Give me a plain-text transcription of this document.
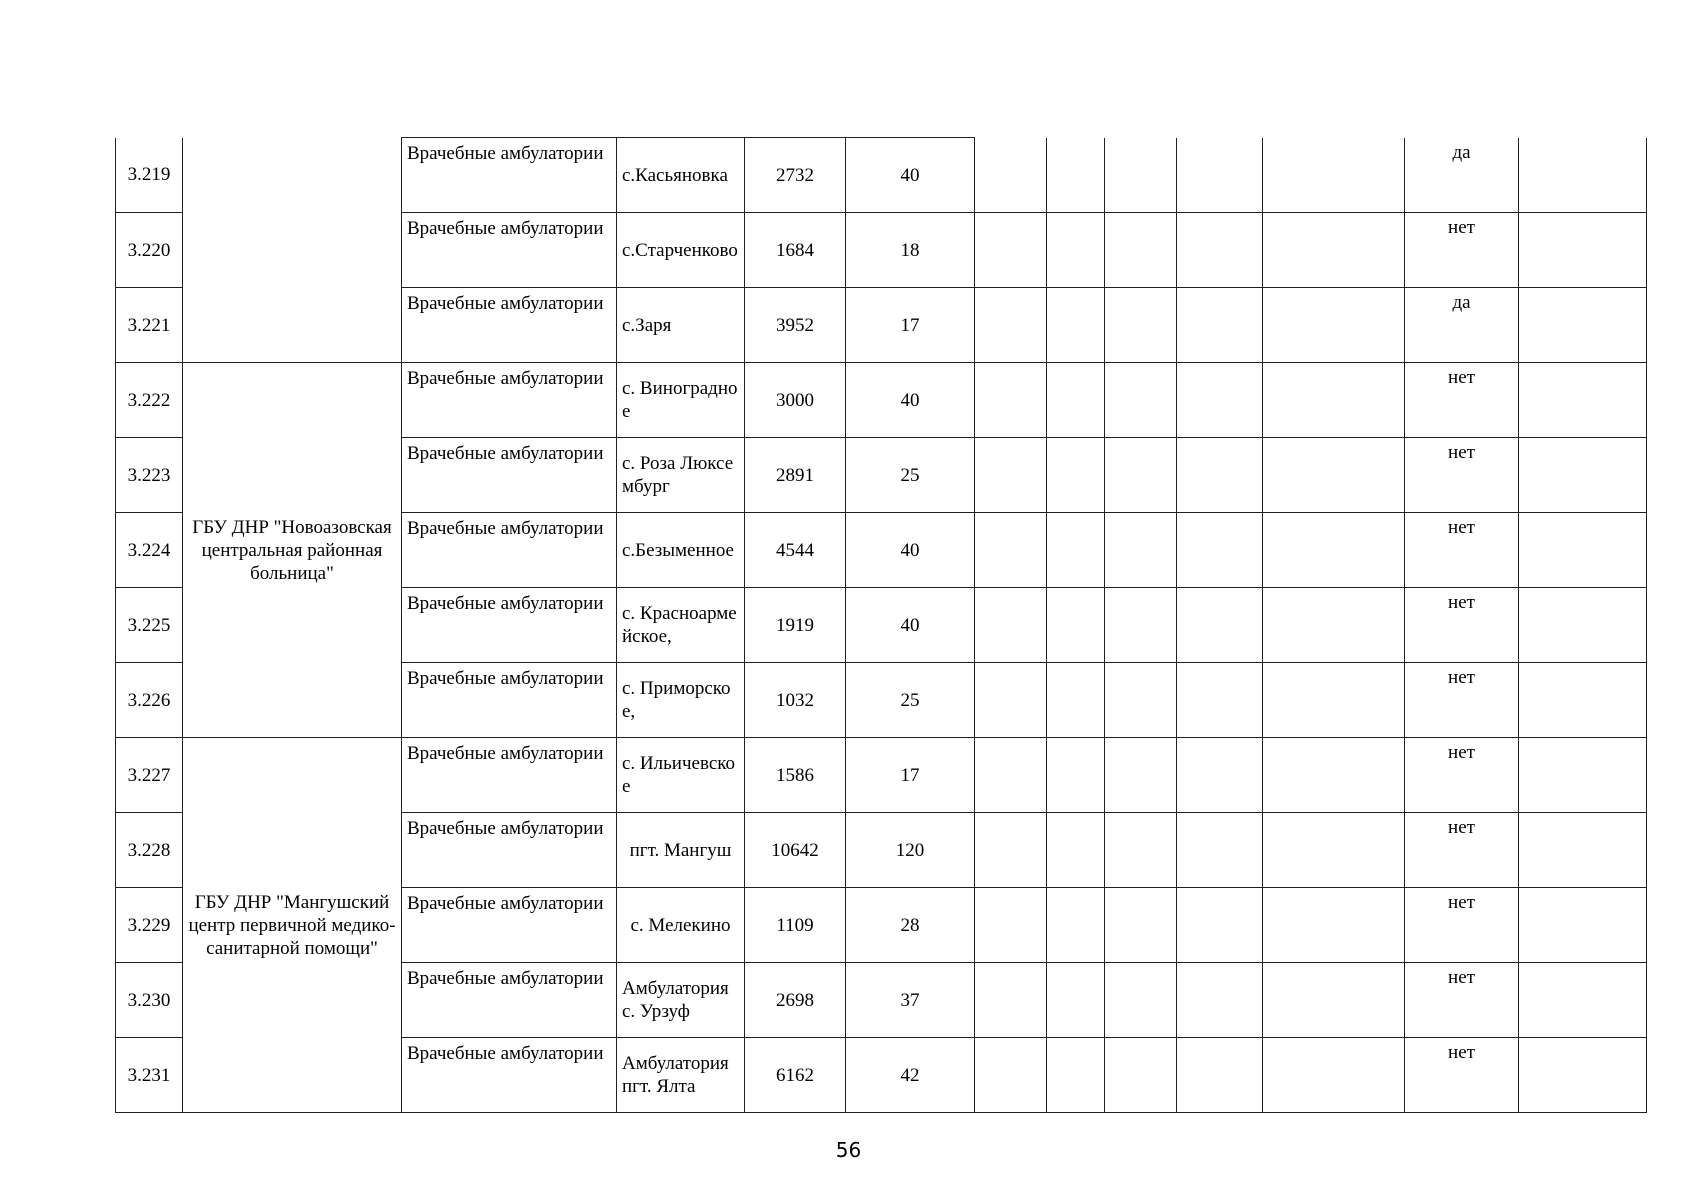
3.219		Врачебные амбулатории	с.Касьяновка	2732	40						да	
3.220		Врачебные амбулатории	с.Старченково	1684	18						нет	
3.221		Врачебные амбулатории	с.Заря	3952	17						да	
3.222	ГБУ ДНР "Новоазовская центральная районная больница"	Врачебные амбулатории	с. Виноградное	3000	40						нет	
3.223		Врачебные амбулатории	с. Роза Люксембург	2891	25						нет	
3.224		Врачебные амбулатории	с.Безыменное	4544	40						нет	
3.225		Врачебные амбулатории	с. Красноармейское,	1919	40						нет	
3.226		Врачебные амбулатории	с. Приморское,	1032	25						нет	
3.227	ГБУ ДНР "Мангушский центр первичной медико-санитарной помощи"	Врачебные амбулатории	с. Ильичевское	1586	17						нет	
3.228		Врачебные амбулатории	пгт. Мангуш	10642	120						нет	
3.229		Врачебные амбулатории	с. Мелекино	1109	28						нет	
3.230		Врачебные амбулатории	Амбулатория с. Урзуф	2698	37						нет	
3.231		Врачебные амбулатории	Амбулатория пгт. Ялта	6162	42						нет	
56
